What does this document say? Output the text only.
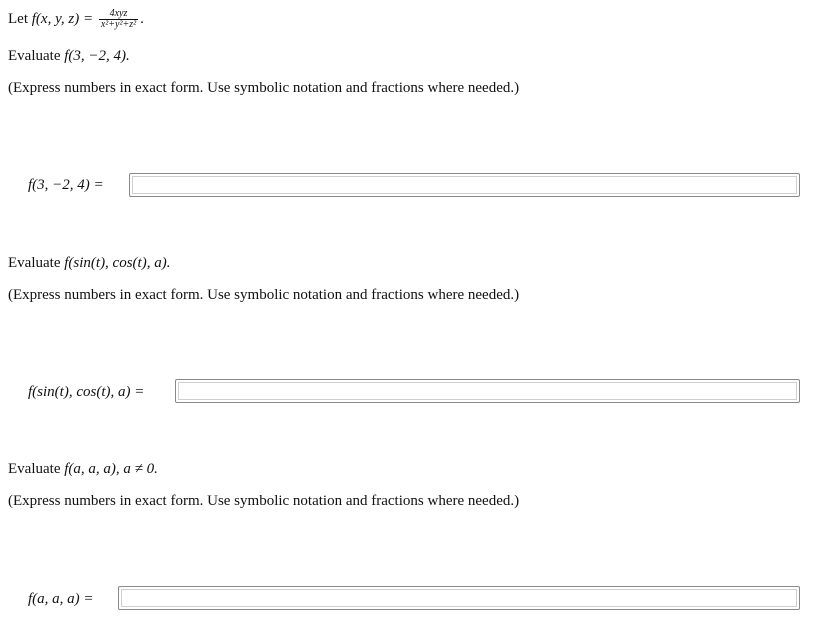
Let f(x, y, $z) = \frac{\text{4xyz}}{\text{x²+y²+z²}}$ .
Evaluate f(3, −2, 4).
(Express numbers in exact form. Use symbolic notation and fractions where needed.)
f(3, −2, 4) =
Evaluate f(sin(t), cos(t), a).
(Express numbers in exact form. Use symbolic notation and fractions where needed.)
f(sin(t), cos(t), a) =
Evaluate f(a, a, a), a ≠ 0.
(Express numbers in exact form. Use symbolic notation and fractions where needed.)
f(a, a, a) =
